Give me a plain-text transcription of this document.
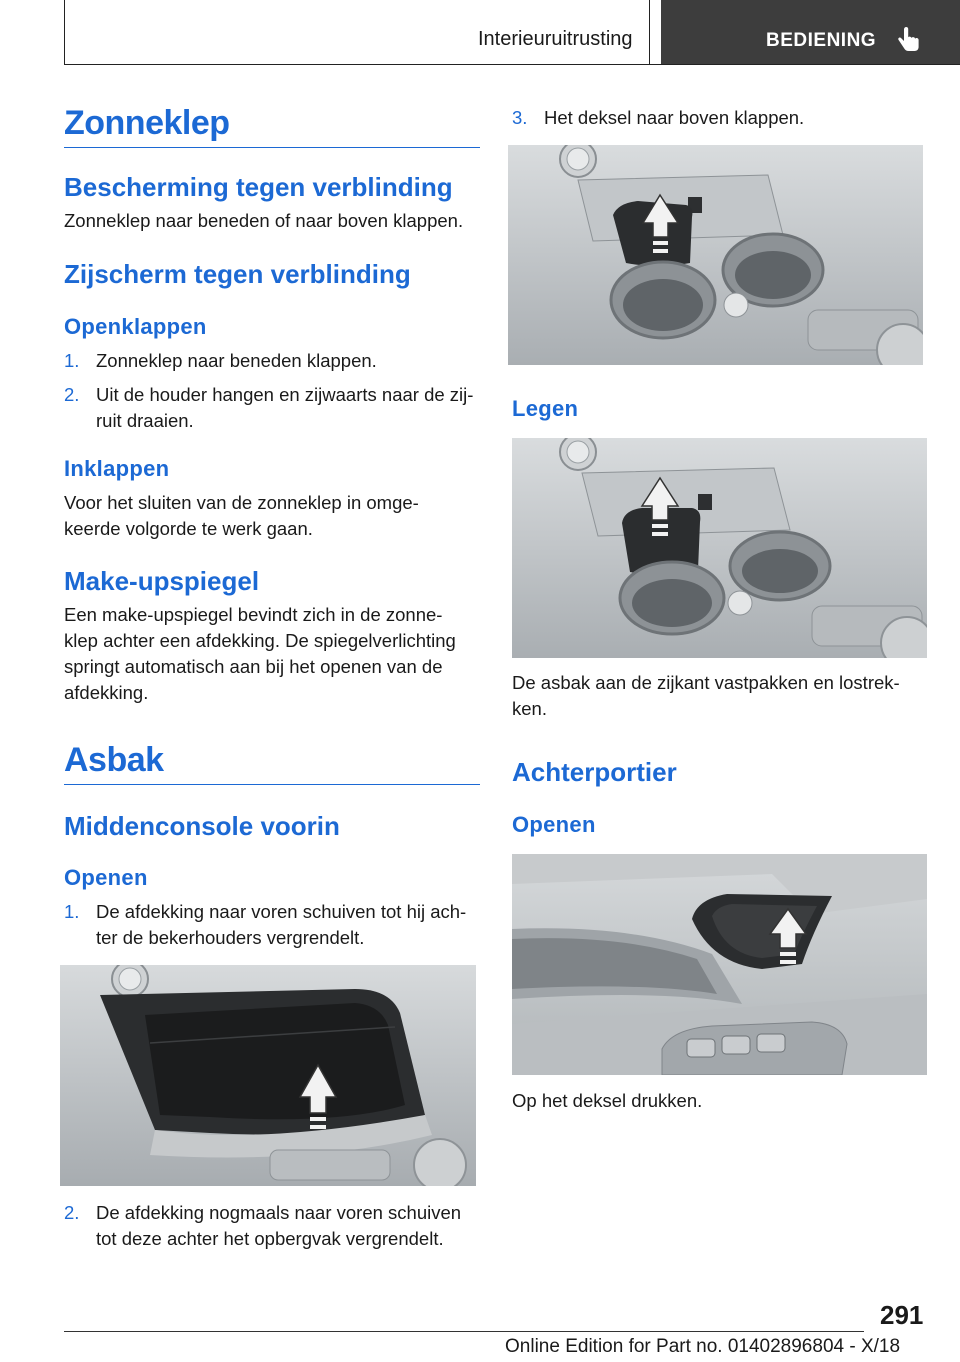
Interieuruitrusting	BEDIENING
Zonneklep
Bescherming tegen verblinding
Zonneklep naar beneden of naar boven klappen.
Zijscherm tegen verblinding
Openklappen
1. Zonneklep naar beneden klappen.
2. Uit de houder hangen en zijwaarts naar de zij-
ruit draaien.
Inklappen
Voor het sluiten van de zonneklep in omge-
keerde volgorde te werk gaan.
Make-upspiegel
Een make-upspiegel bevindt zich in de zonne-
klep achter een afdekking. De spiegelverlichting
springt automatisch aan bij het openen van de
afdekking.
Asbak
Middenconsole voorin
Openen
1. De afdekking naar voren schuiven tot hij ach-
ter de bekerhouders vergrendelt.
2. De afdekking nogmaals naar voren schuiven
tot deze achter het opbergvak vergrendelt.
3. Het deksel naar boven klappen.
Legen
De asbak aan de zijkant vastpakken en lostrek-
ken.
Achterportier
Openen
Op het deksel drukken.
291
Online Edition for Part no. 01402896804 - X/18
